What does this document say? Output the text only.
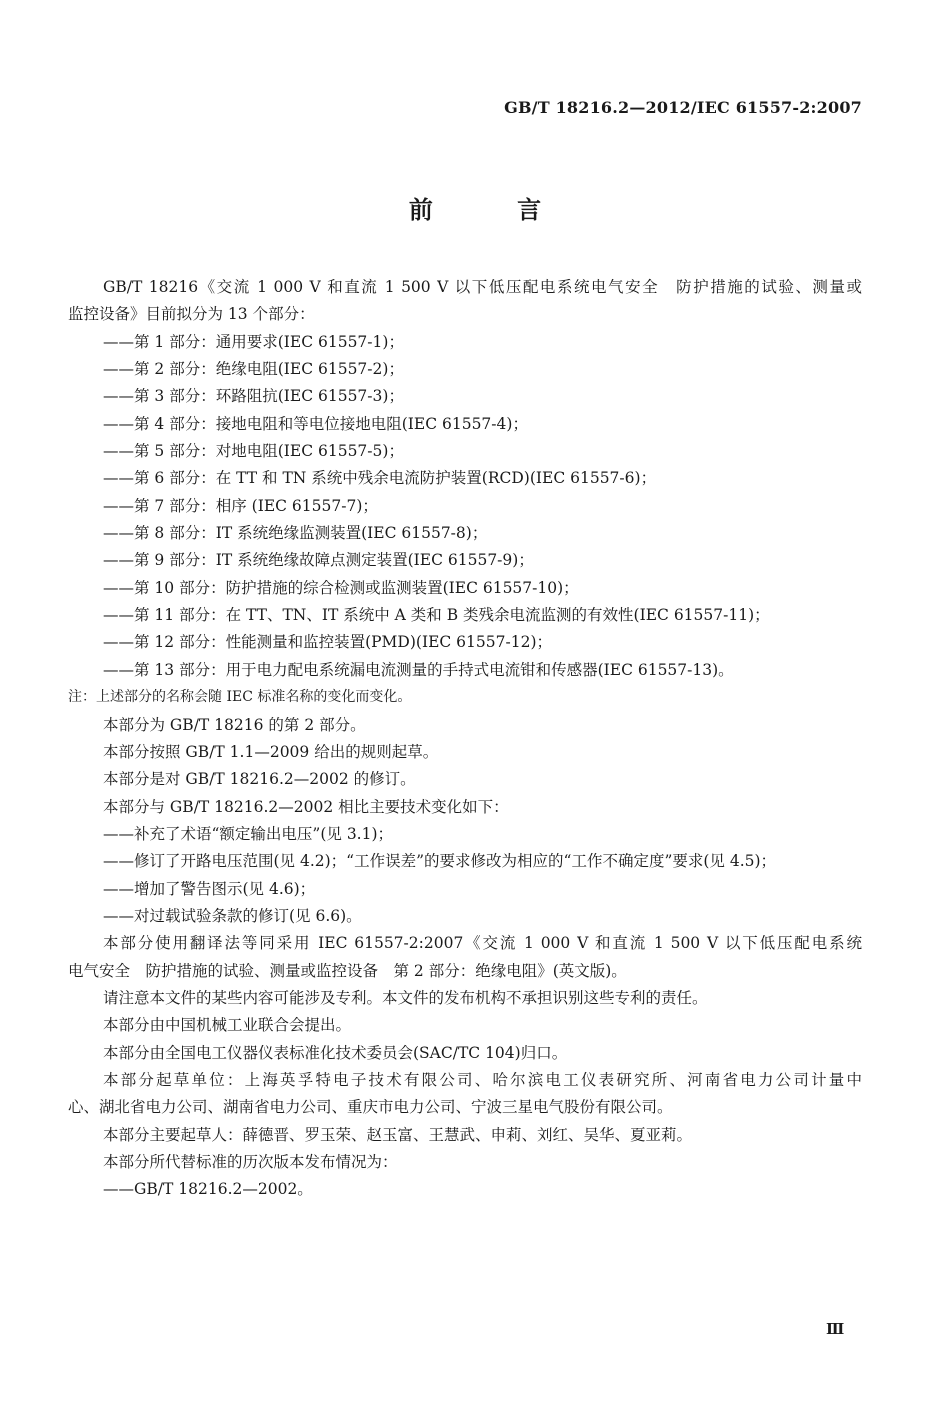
GB/T 18216.2—2012/IEC 61557-2:2007
前 言
GB/T 18216《交流 1 000 V 和直流 1 500 V 以下低压配电系统电气安全　防护措施的试验、测量或
监控设备》目前拟分为 13 个部分：
——第 1 部分：通用要求(IEC 61557-1)；
——第 2 部分：绝缘电阻(IEC 61557-2)；
——第 3 部分：环路阻抗(IEC 61557-3)；
——第 4 部分：接地电阻和等电位接地电阻(IEC 61557-4)；
——第 5 部分：对地电阻(IEC 61557-5)；
——第 6 部分：在 TT 和 TN 系统中残余电流防护装置(RCD)(IEC 61557-6)；
——第 7 部分：相序 (IEC 61557-7)；
——第 8 部分：IT 系统绝缘监测装置(IEC 61557-8)；
——第 9 部分：IT 系统绝缘故障点测定装置(IEC 61557-9)；
——第 10 部分：防护措施的综合检测或监测装置(IEC 61557-10)；
——第 11 部分：在 TT、TN、IT 系统中 A 类和 B 类残余电流监测的有效性(IEC 61557-11)；
——第 12 部分：性能测量和监控装置(PMD)(IEC 61557-12)；
——第 13 部分：用于电力配电系统漏电流测量的手持式电流钳和传感器(IEC 61557-13)。
注：上述部分的名称会随 IEC 标准名称的变化而变化。
本部分为 GB/T 18216 的第 2 部分。
本部分按照 GB/T 1.1—2009 给出的规则起草。
本部分是对 GB/T 18216.2—2002 的修订。
本部分与 GB/T 18216.2—2002 相比主要技术变化如下：
——补充了术语“额定输出电压”(见 3.1)；
——修订了开路电压范围(见 4.2)；“工作误差”的要求修改为相应的“工作不确定度”要求(见 4.5)；
——增加了警告图示(见 4.6)；
——对过载试验条款的修订(见 6.6)。
本部分使用翻译法等同采用 IEC 61557-2:2007《交流 1 000 V 和直流 1 500 V 以下低压配电系统
电气安全　防护措施的试验、测量或监控设备　第 2 部分：绝缘电阻》(英文版)。
请注意本文件的某些内容可能涉及专利。本文件的发布机构不承担识别这些专利的责任。
本部分由中国机械工业联合会提出。
本部分由全国电工仪器仪表标准化技术委员会(SAC/TC 104)归口。
本部分起草单位：上海英孚特电子技术有限公司、哈尔滨电工仪表研究所、河南省电力公司计量中
心、湖北省电力公司、湖南省电力公司、重庆市电力公司、宁波三星电气股份有限公司。
本部分主要起草人：薛德晋、罗玉荣、赵玉富、王慧武、申莉、刘红、吴华、夏亚莉。
本部分所代替标准的历次版本发布情况为：
——GB/T 18216.2—2002。
Ⅲ
